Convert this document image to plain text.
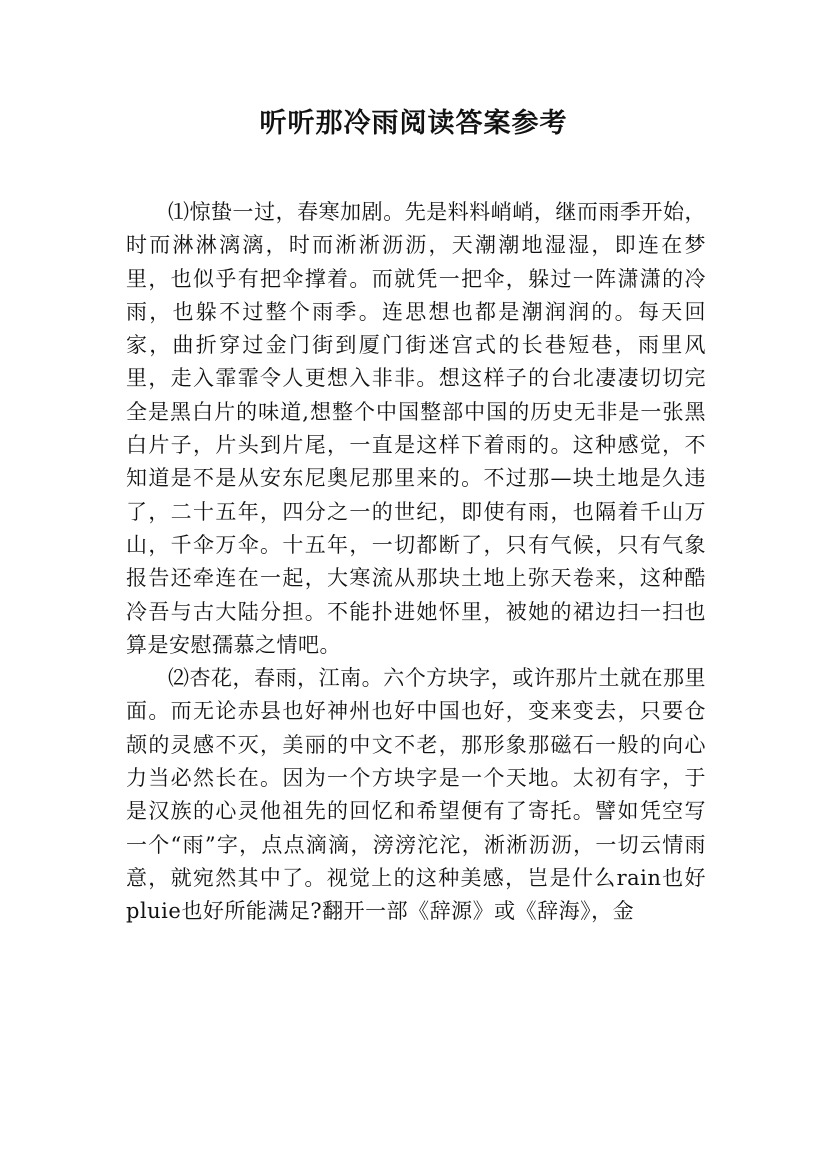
听听那冷雨阅读答案参考

⑴惊蛰一过，春寒加剧。先是料料峭峭，继而雨季开始，时而淋淋漓漓，时而淅淅沥沥，天潮潮地湿湿，即连在梦里，也似乎有把伞撑着。而就凭一把伞，躲过一阵潇潇的冷雨，也躲不过整个雨季。连思想也都是潮润润的。每天回家，曲折穿过金门街到厦门街迷宫式的长巷短巷，雨里风里，走入霏霏令人更想入非非。想这样子的台北凄凄切切完全是黑白片的味道,想整个中国整部中国的历史无非是一张黑白片子，片头到片尾，一直是这样下着雨的。这种感觉，不知道是不是从安东尼奥尼那里来的。不过那—块土地是久违了，二十五年，四分之一的世纪，即使有雨，也隔着千山万山，千伞万伞。十五年，一切都断了，只有气候，只有气象报告还牵连在一起，大寒流从那块土地上弥天卷来，这种酷冷吾与古大陆分担。不能扑进她怀里，被她的裙边扫一扫也算是安慰孺慕之情吧。

⑵杏花，春雨，江南。六个方块字，或许那片土就在那里面。而无论赤县也好神州也好中国也好，变来变去，只要仓颉的灵感不灭，美丽的中文不老，那形象那磁石一般的向心力当必然长在。因为一个方块字是一个天地。太初有字，于是汉族的心灵他祖先的回忆和希望便有了寄托。譬如凭空写一个“雨”字，点点滴滴，滂滂沱沱，淅淅沥沥，一切云情雨意，就宛然其中了。视觉上的这种美感，岂是什么rain也好pluie也好所能满足?翻开一部《辞源》或《辞海》，金
